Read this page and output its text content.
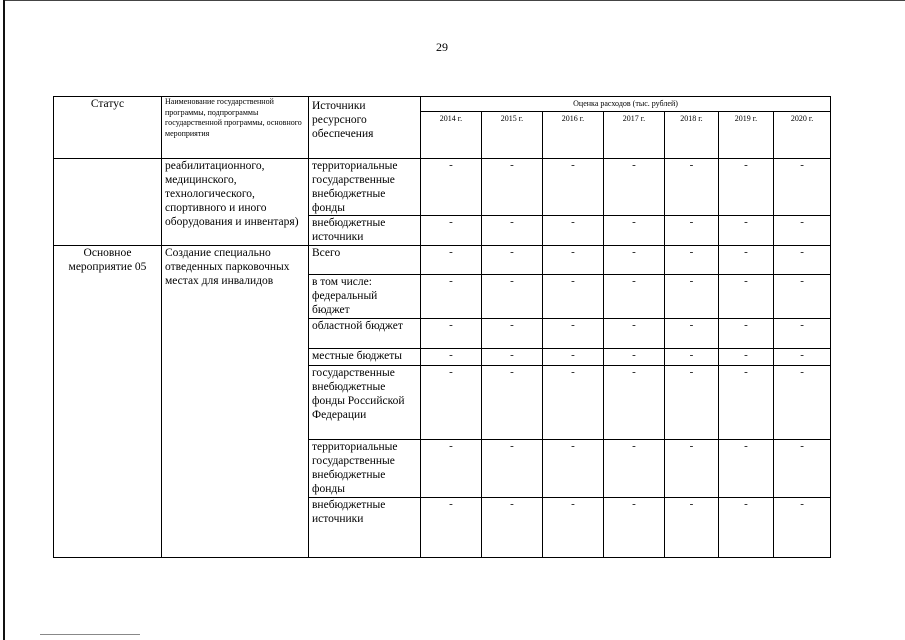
29
Статус	Наименование государственной программы, подпрограммы государственной программы, основного мероприятия	Источники ресурсного обеспечения	Оценка расходов (тыс. рублей)						
			2014 г.	2015 г.	2016 г.	2017 г.	2018 г.	2019 г.	2020 г.
	реабилитационного, медицинского, технологического, спортивного и иного оборудования и инвентаря)	территориальные государственные внебюджетные фонды	-	-	-	-	-	-	-
		внебюджетные источники	-	-	-	-	-	-	-
Основное мероприятие 05	Создание специально отведенных парковочных местах для инвалидов	Всего	-	-	-	-	-	-	-
		в том числе: федеральный бюджет	-	-	-	-	-	-	-
		областной бюджет	-	-	-	-	-	-	-
		местные бюджеты	-	-	-	-	-	-	-
		государственные внебюджетные фонды Российской Федерации	-	-	-	-	-	-	-
		территориальные государственные внебюджетные фонды	-	-	-	-	-	-	-
		внебюджетные источники	-	-	-	-	-	-	-
